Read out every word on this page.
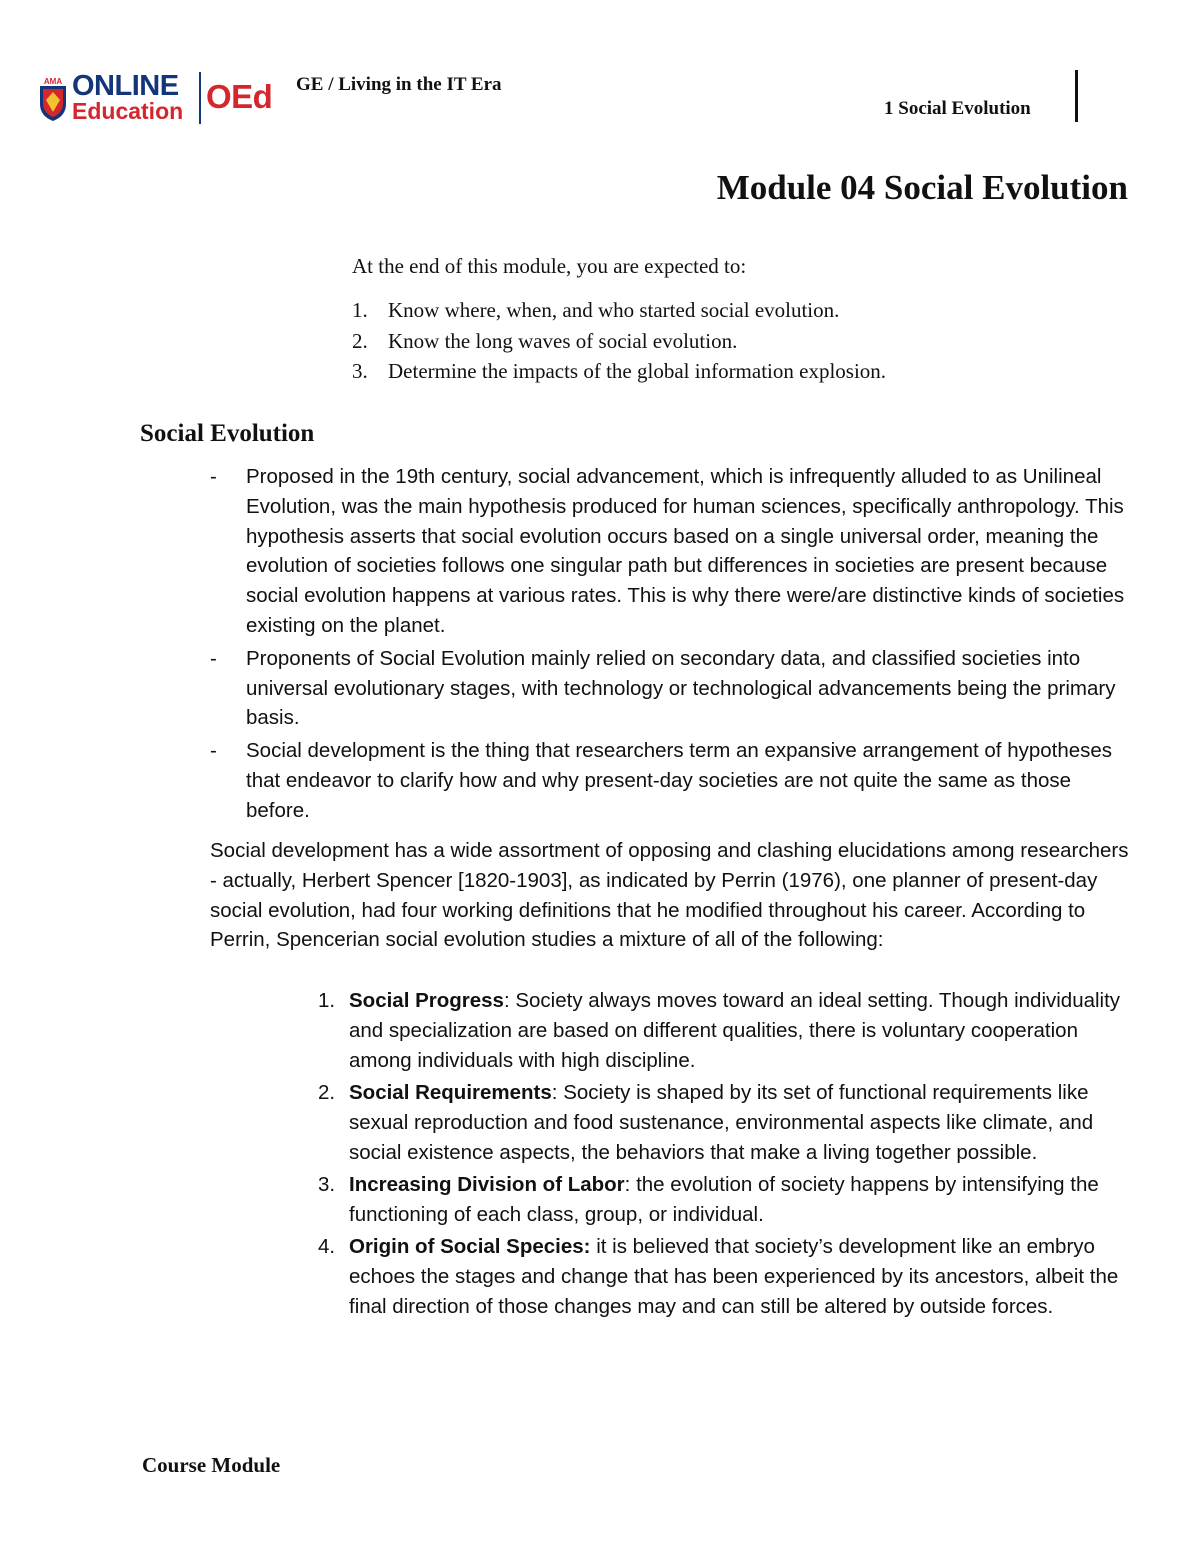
AMA ONLINE
Education OEd GE / Living in the IT Era
1 Social Evolution
Module 04 Social Evolution
At the end of this module, you are expected to:
1. Know where, when, and who started social evolution.
2. Know the long waves of social evolution.
3. Determine the impacts of the global information explosion.
Social Evolution
- Proposed in the 19th century, social advancement, which is infrequently alluded to as Unilineal Evolution, was the main hypothesis produced for human sciences, specifically anthropology. This hypothesis asserts that social evolution occurs based on a single universal order, meaning the evolution of societies follows one singular path but differences in societies are present because social evolution happens at various rates. This is why there were/are distinctive kinds of societies existing on the planet.
- Proponents of Social Evolution mainly relied on secondary data, and classified societies into universal evolutionary stages, with technology or technological advancements being the primary basis.
- Social development is the thing that researchers term an expansive arrangement of hypotheses that endeavor to clarify how and why present-day societies are not quite the same as those before.

Social development has a wide assortment of opposing and clashing elucidations among researchers - actually, Herbert Spencer [1820-1903], as indicated by Perrin (1976), one planner of present-day social evolution, had four working definitions that he modified throughout his career. According to Perrin, Spencerian social evolution studies a mixture of all of the following:

1. Social Progress: Society always moves toward an ideal setting. Though individuality and specialization are based on different qualities, there is voluntary cooperation among individuals with high discipline.
2. Social Requirements: Society is shaped by its set of functional requirements like sexual reproduction and food sustenance, environmental aspects like climate, and social existence aspects, the behaviors that make a living together possible.
3. Increasing Division of Labor: the evolution of society happens by intensifying the functioning of each class, group, or individual.
4. Origin of Social Species: it is believed that society’s development like an embryo echoes the stages and change that has been experienced by its ancestors, albeit the final direction of those changes may and can still be altered by outside forces.
Course Module
